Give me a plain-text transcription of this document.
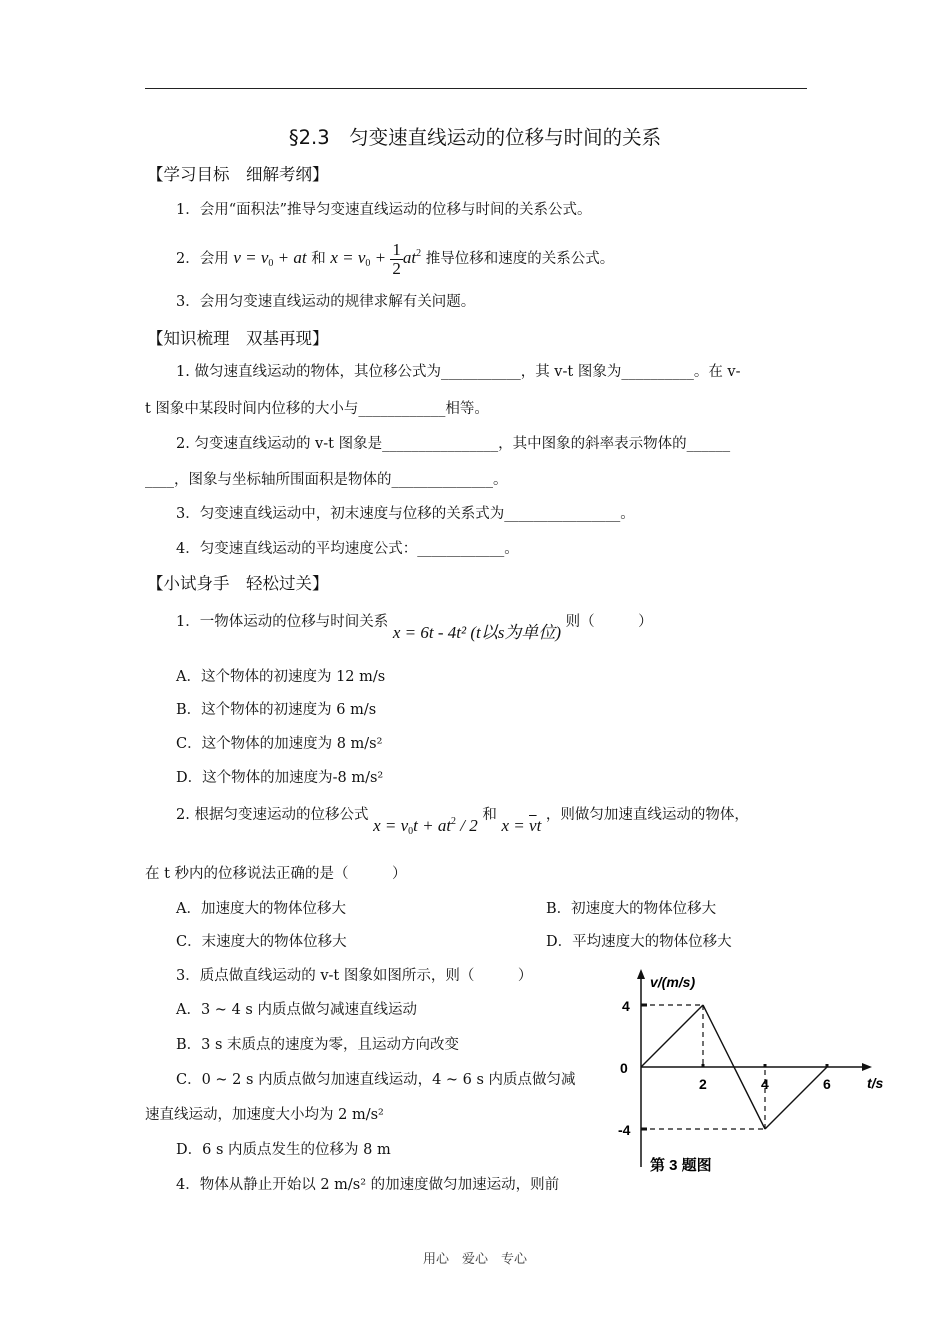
§2.3　匀变速直线运动的位移与时间的关系
【学习目标　细解考纲】
1．会用“面积法”推导匀变速直线运动的位移与时间的关系公式。
2．会用 $v = v_0$ + at 和 $x = v_0 + \frac{1}{2} at^2$ 推导位移和速度的关系公式。
3．会用匀变速直线运动的规律求解有关问题。
【知识梳理　双基再现】
1. 做匀速直线运动的物体，其位移公式为___________，其 v-t 图象为__________。在 v-
t 图象中某段时间内位移的大小与____________相等。
2. 匀变速直线运动的 v-t 图象是________________，其中图象的斜率表示物体的______
____，图象与坐标轴所围面积是物体的______________。
3．匀变速直线运动中，初末速度与位移的关系式为________________。
4．匀变速直线运动的平均速度公式：____________。
【小试身手　轻松过关】
1．一物体运动的位移与时间关系 x = 6t - 4t² (t以s为单位) 则（　　　）
A．这个物体的初速度为 12 m/s
B．这个物体的初速度为 6 m/s
C．这个物体的加速度为 8 m/s²
D．这个物体的加速度为-8 m/s²
2. 根据匀变速运动的位移公式 $x = v_0t + at^2 / 2$ 和 $x = \overline{v}t$ ，则做匀加速直线运动的物体，
在 t 秒内的位移说法正确的是（　　　）
A．加速度大的物体位移大	B．初速度大的物体位移大
C．末速度大的物体位移大	D．平均速度大的物体位移大
3．质点做直线运动的 v-t 图象如图所示，则（　　　）
A．3 ~ 4 s 内质点做匀减速直线运动
B．3 s 末质点的速度为零，且运动方向改变
C．0 ~ 2 s 内质点做匀加速直线运动，4 ~ 6 s 内质点做匀减
速直线运动，加速度大小均为 2 m/s²
D．6 s 内质点发生的位移为 8 m
4．物体从静止开始以 2 m/s² 的加速度做匀加速运动，则前
v/(m/s)
t/s
0
第 3 题图
2	4	6
4
-4
用心　爱心　专心
